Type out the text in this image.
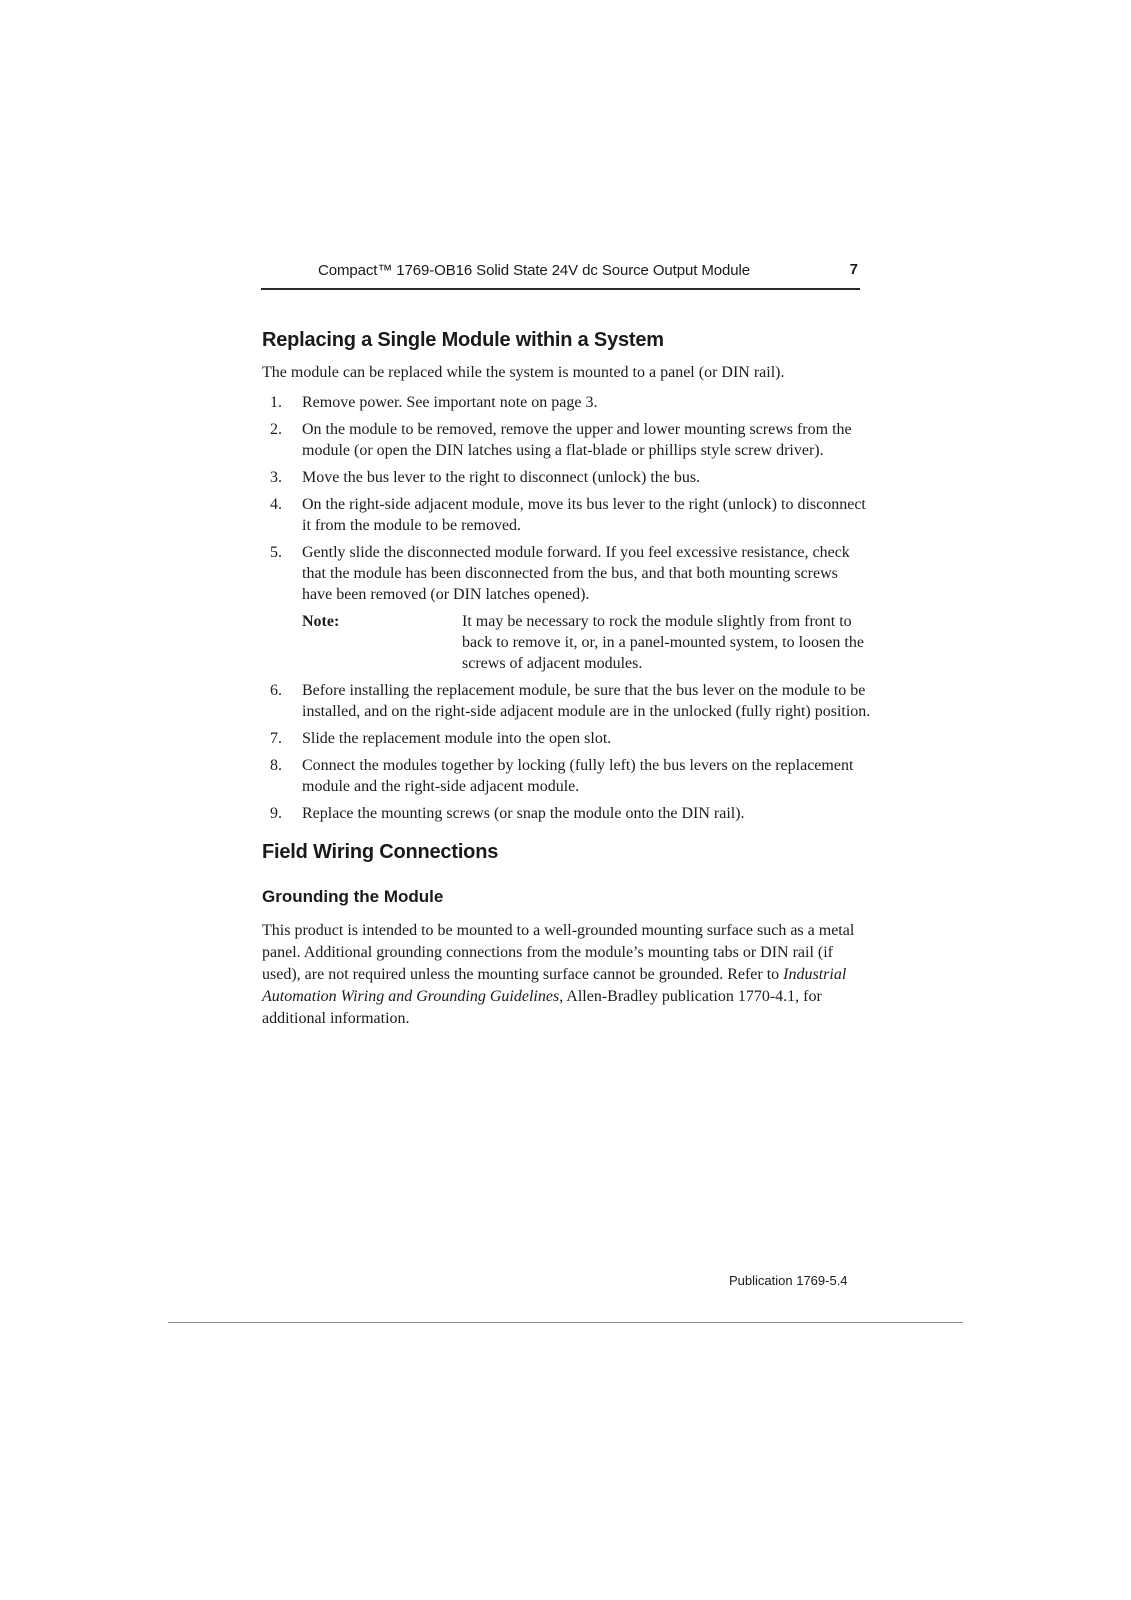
Compact™ 1769-OB16 Solid State 24V dc Source Output Module	7
Replacing a Single Module within a System

The module can be replaced while the system is mounted to a panel (or DIN rail).

1. Remove power. See important note on page 3.
2. On the module to be removed, remove the upper and lower mounting screws from the module (or open the DIN latches using a flat-blade or phillips style screw driver).
3. Move the bus lever to the right to disconnect (unlock) the bus.
4. On the right-side adjacent module, move its bus lever to the right (unlock) to disconnect it from the module to be removed.
5. Gently slide the disconnected module forward. If you feel excessive resistance, check that the module has been disconnected from the bus, and that both mounting screws have been removed (or DIN latches opened).
Note:	It may be necessary to rock the module slightly from front to back to remove it, or, in a panel-mounted system, to loosen the screws of adjacent modules.
6. Before installing the replacement module, be sure that the bus lever on the module to be installed, and on the right-side adjacent module are in the unlocked (fully right) position.
7. Slide the replacement module into the open slot.
8. Connect the modules together by locking (fully left) the bus levers on the replacement module and the right-side adjacent module.
9. Replace the mounting screws (or snap the module onto the DIN rail).
Field Wiring Connections
Grounding the Module

This product is intended to be mounted to a well-grounded mounting surface such as a metal panel. Additional grounding connections from the module’s mounting tabs or DIN rail (if used), are not required unless the mounting surface cannot be grounded. Refer to Industrial Automation Wiring and Grounding Guidelines, Allen-Bradley publication 1770-4.1, for additional information.

Publication 1769-5.4
